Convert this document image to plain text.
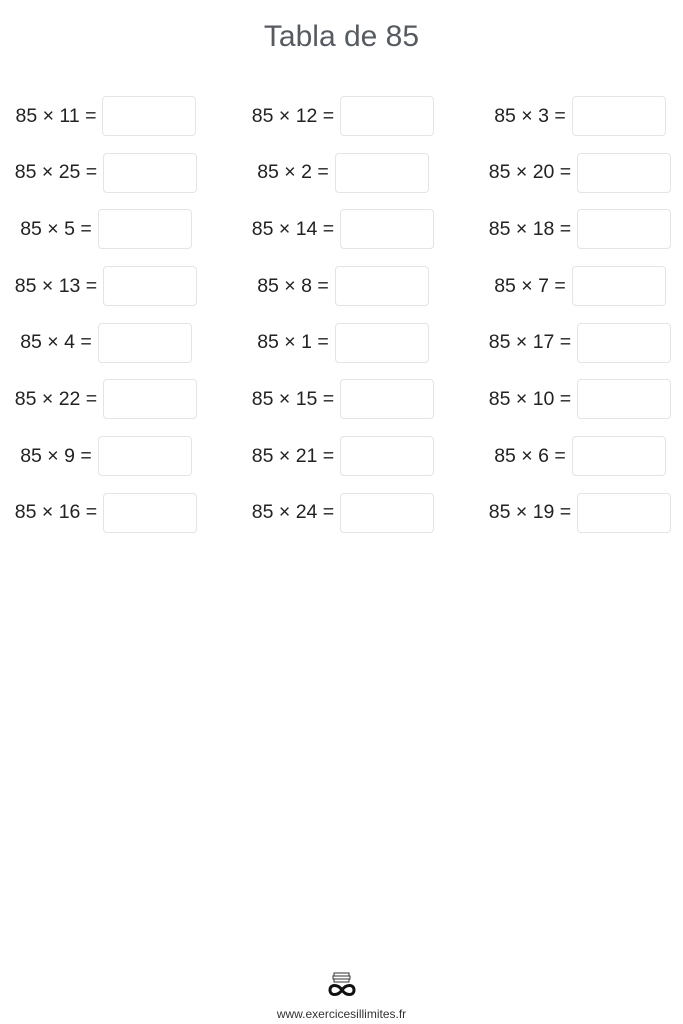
Tabla de 85
85 × 11 =
85 × 25 =
85 × 5 =
85 × 13 =
85 × 4 =
85 × 22 =
85 × 9 =
85 × 16 =
85 × 12 =
85 × 2 =
85 × 14 =
85 × 8 =
85 × 1 =
85 × 15 =
85 × 21 =
85 × 24 =
85 × 3 =
85 × 20 =
85 × 18 =
85 × 7 =
85 × 17 =
85 × 10 =
85 × 6 =
85 × 19 =
www.exercicesillimites.fr
